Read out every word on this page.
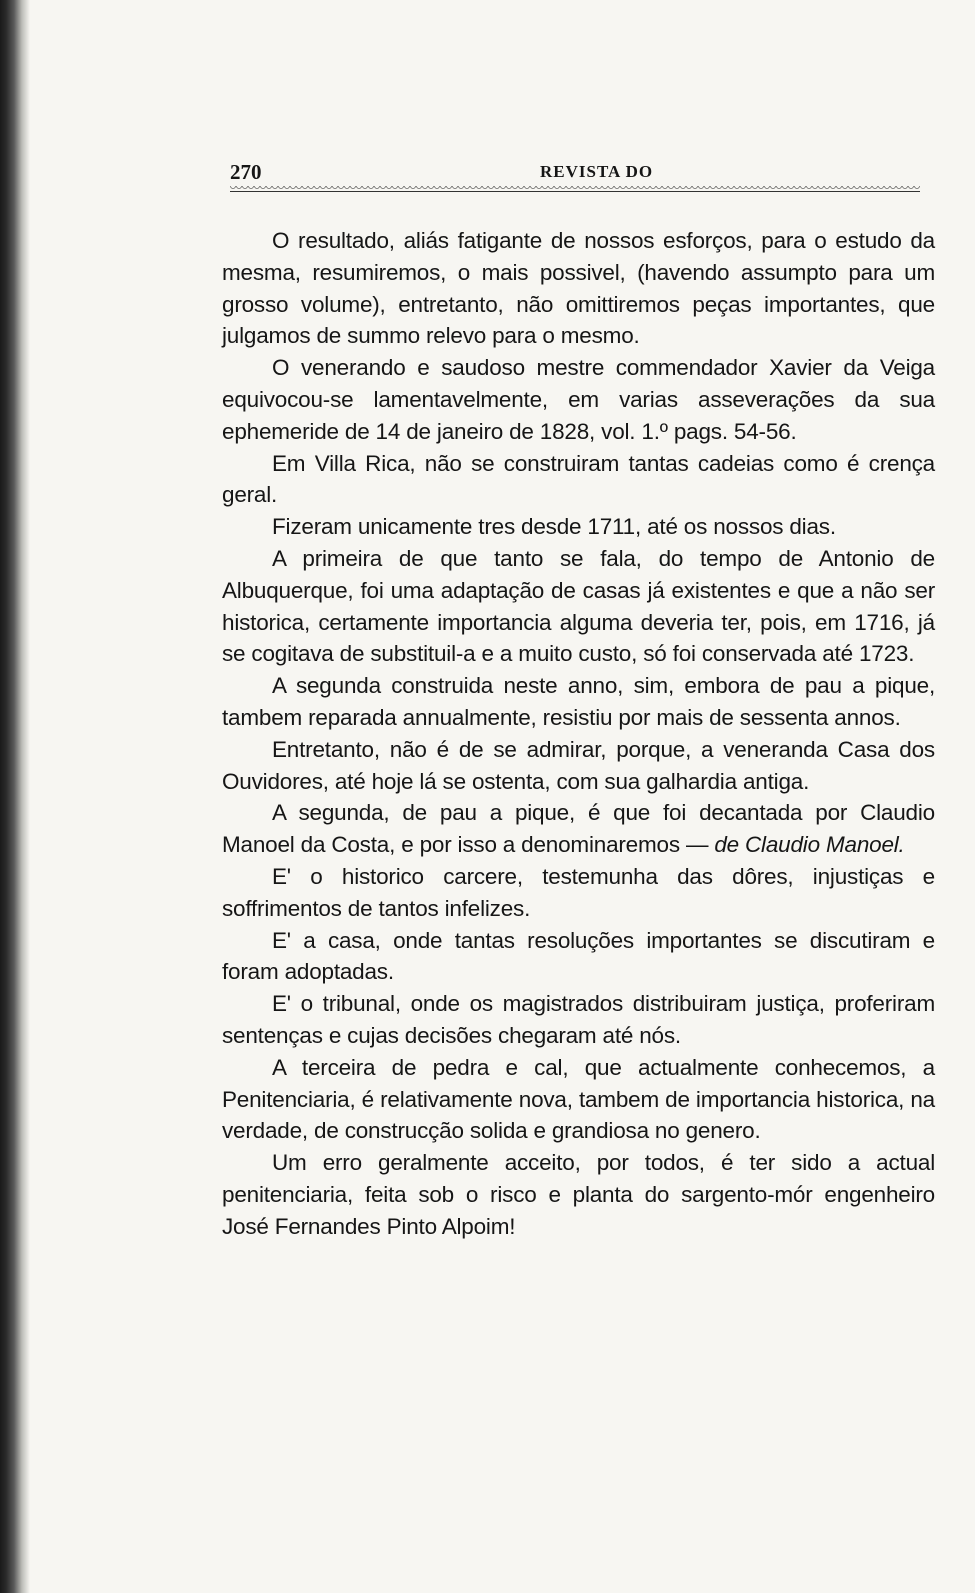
270	REVISTA DO

O resultado, aliás fatigante de nossos esforços, para o estudo da mesma, resumiremos, o mais possivel, (havendo assumpto para um grosso volume), entretanto, não omittiremos peças importantes, que julgamos de summo relevo para o mesmo.

O venerando e saudoso mestre commendador Xavier da Veiga equivocou-se lamentavelmente, em varias asseverações da sua ephemeride de 14 de janeiro de 1828, vol. 1.º pags. 54-56.

Em Villa Rica, não se construiram tantas cadeias como é crença geral.

Fizeram unicamente tres desde 1711, até os nossos dias.

A primeira de que tanto se fala, do tempo de Antonio de Albuquerque, foi uma adaptação de casas já existentes e que a não ser historica, certamente importancia alguma deveria ter, pois, em 1716, já se cogitava de substituil-a e a muito custo, só foi conservada até 1723.

A segunda construida neste anno, sim, embora de pau a pique, tambem reparada annualmente, resistiu por mais de sessenta annos.

Entretanto, não é de se admirar, porque, a veneranda Casa dos Ouvidores, até hoje lá se ostenta, com sua galhardia antiga.

A segunda, de pau a pique, é que foi decantada por Claudio Manoel da Costa, e por isso a denominaremos — de Claudio Manoel.

E' o historico carcere, testemunha das dôres, injustiças e soffrimentos de tantos infelizes.

E' a casa, onde tantas resoluções importantes se discutiram e foram adoptadas.

E' o tribunal, onde os magistrados distribuiram justiça, proferiram sentenças e cujas decisões chegaram até nós.

A terceira de pedra e cal, que actualmente conhecemos, a Penitenciaria, é relativamente nova, tambem de importancia historica, na verdade, de construcção solida e grandiosa no genero.

Um erro geralmente acceito, por todos, é ter sido a actual penitenciaria, feita sob o risco e planta do sargento-mór engenheiro José Fernandes Pinto Alpoim!
